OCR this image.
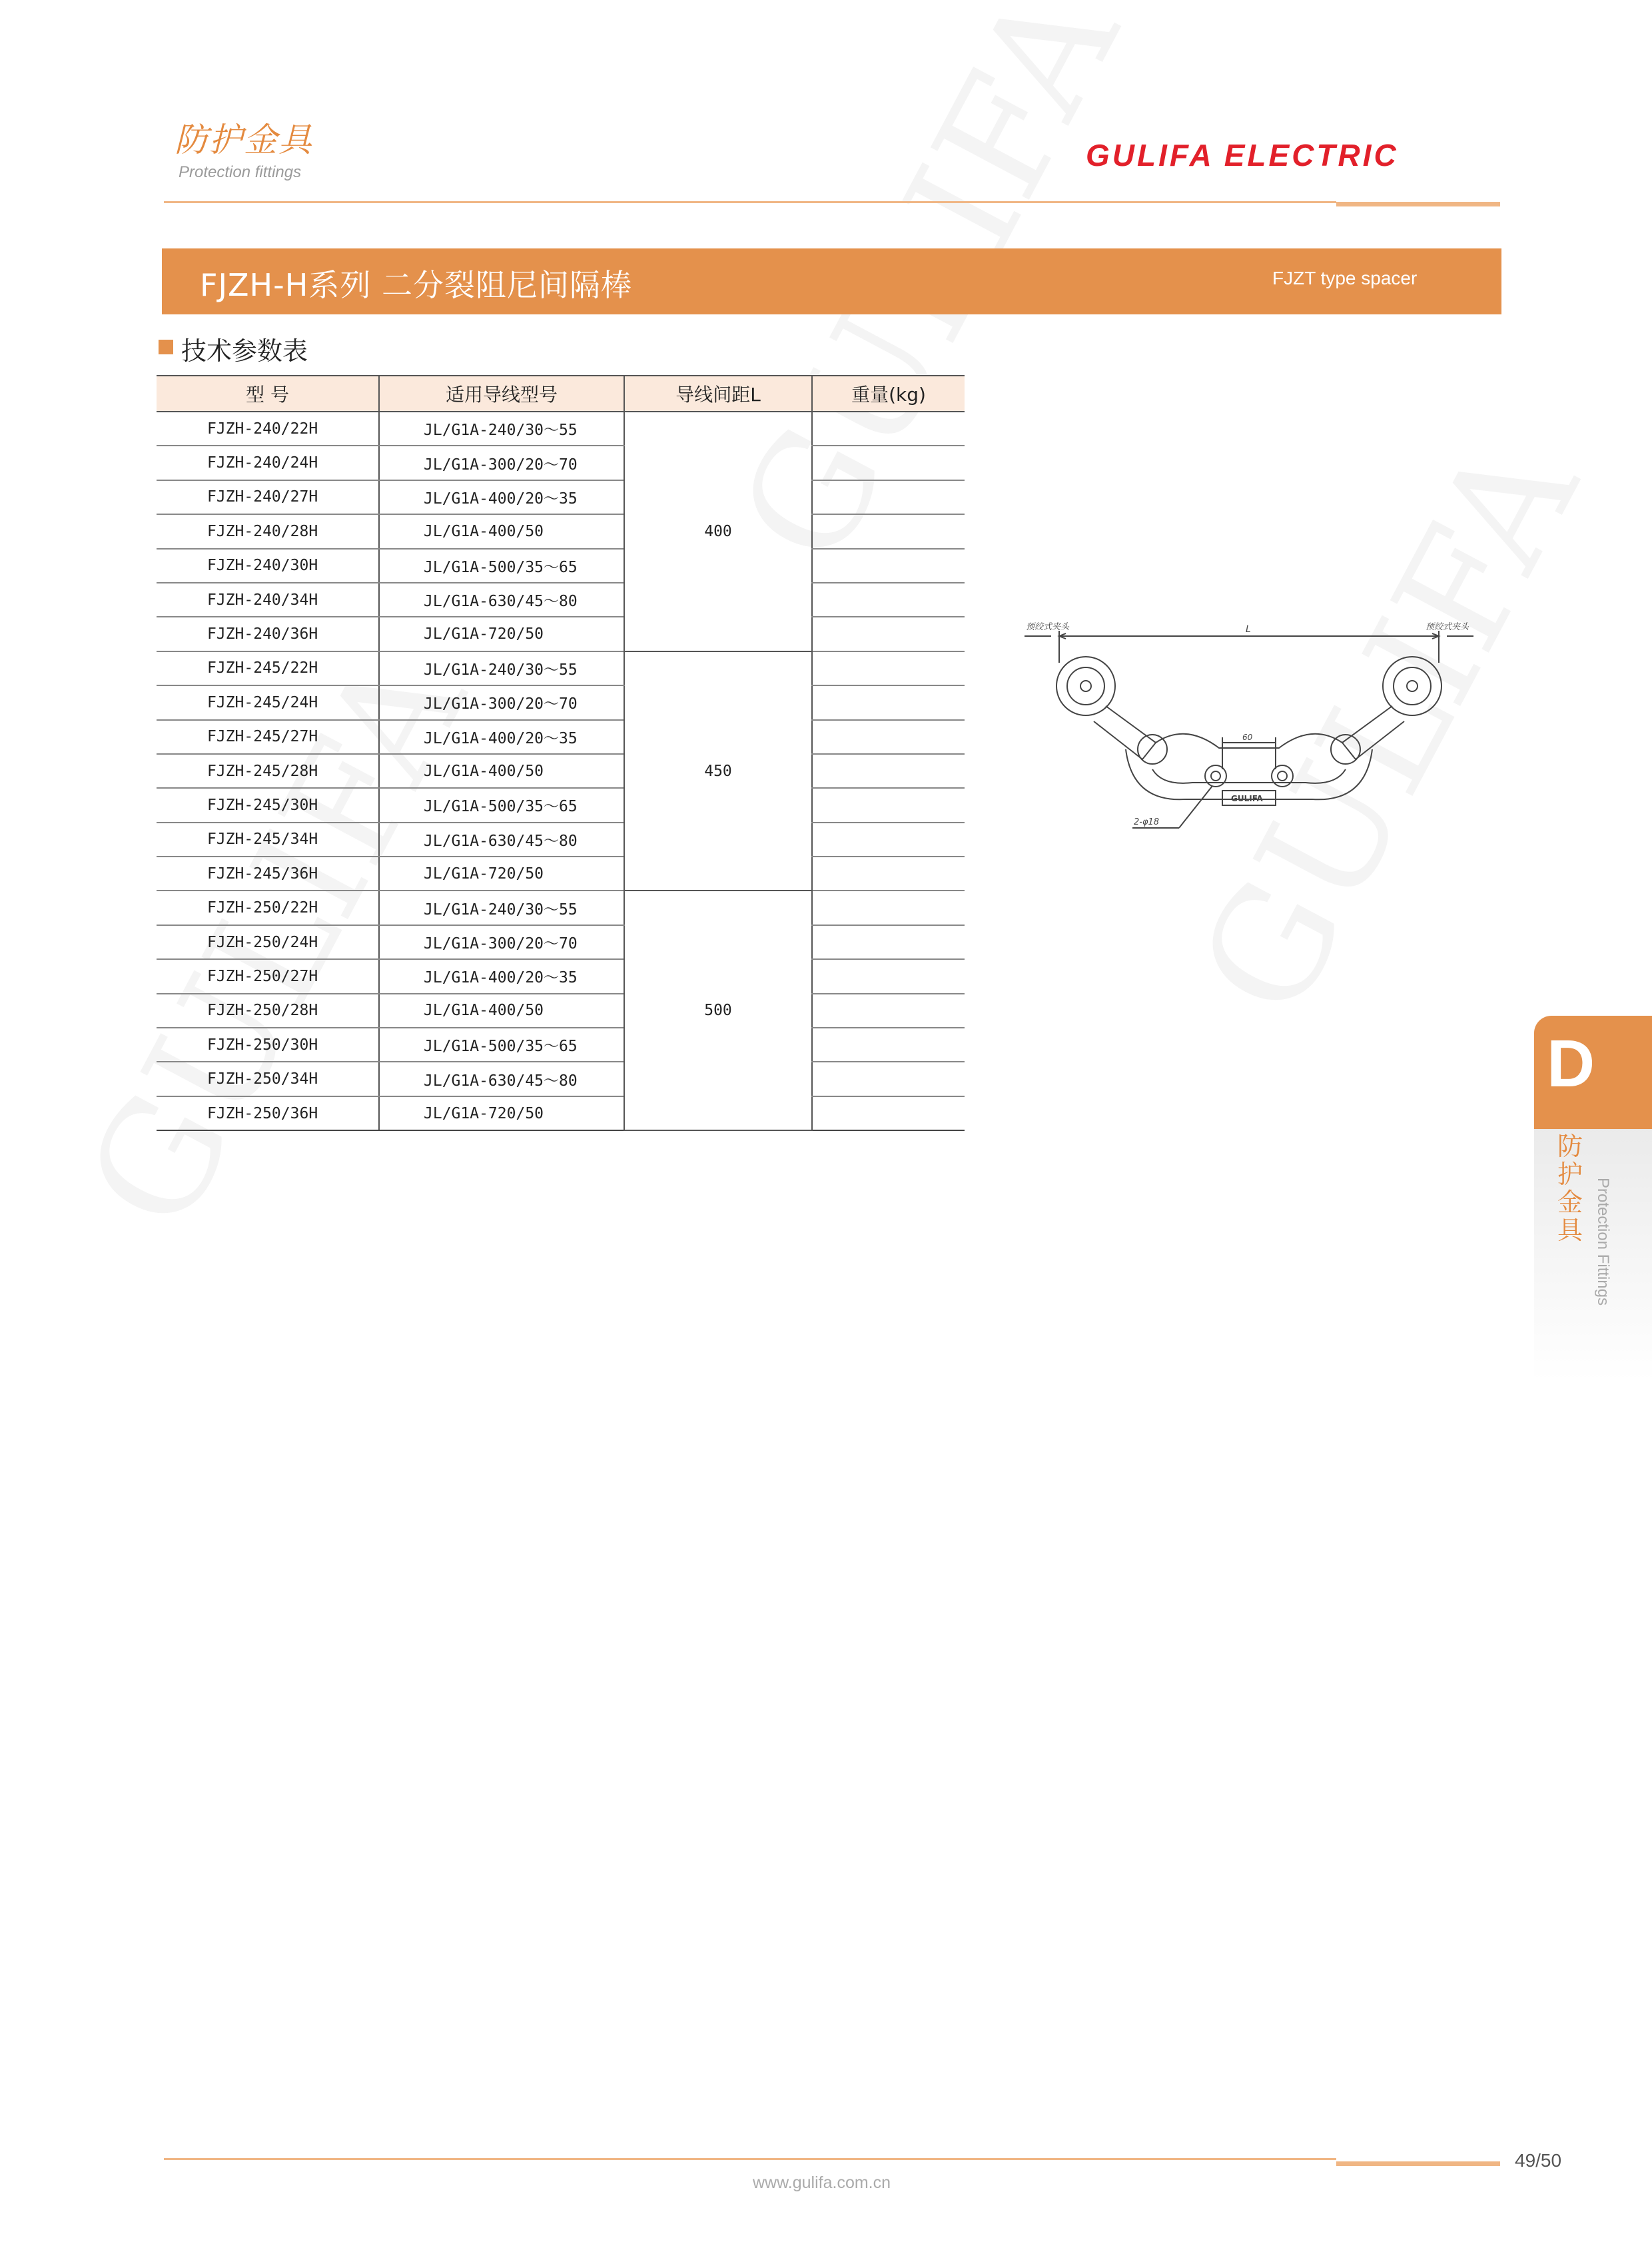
防护金具
Protection fittings	GULIFA ELECTRIC
FJZH-H系列 二分裂阻尼间隔棒	FJZT type spacer
技术参数表
型 号	适用导线型号	导线间距L	重量(kg)
FJZH-240/22H	JL/G1A-240/30～55	400	
FJZH-240/24H	JL/G1A-300/20～70		
FJZH-240/27H	JL/G1A-400/20～35		
FJZH-240/28H	JL/G1A-400/50		
FJZH-240/30H	JL/G1A-500/35～65		
FJZH-240/34H	JL/G1A-630/45～80		
FJZH-240/36H	JL/G1A-720/50		
FJZH-245/22H	JL/G1A-240/30～55	450	
FJZH-245/24H	JL/G1A-300/20～70		
FJZH-245/27H	JL/G1A-400/20～35		
FJZH-245/28H	JL/G1A-400/50		
FJZH-245/30H	JL/G1A-500/35～65		
FJZH-245/34H	JL/G1A-630/45～80		
FJZH-245/36H	JL/G1A-720/50		
FJZH-250/22H	JL/G1A-240/30～55	500	
FJZH-250/24H	JL/G1A-300/20～70		
FJZH-250/27H	JL/G1A-400/20～35		
FJZH-250/28H	JL/G1A-400/50		
FJZH-250/30H	JL/G1A-500/35～65		
FJZH-250/34H	JL/G1A-630/45～80		
FJZH-250/36H	JL/G1A-720/50		
预绞式夹头	预绞式夹头
L
60
2-φ18
GULIFA
D
防护金具 Protection Fittings
49/50
www.gulifa.com.cn
